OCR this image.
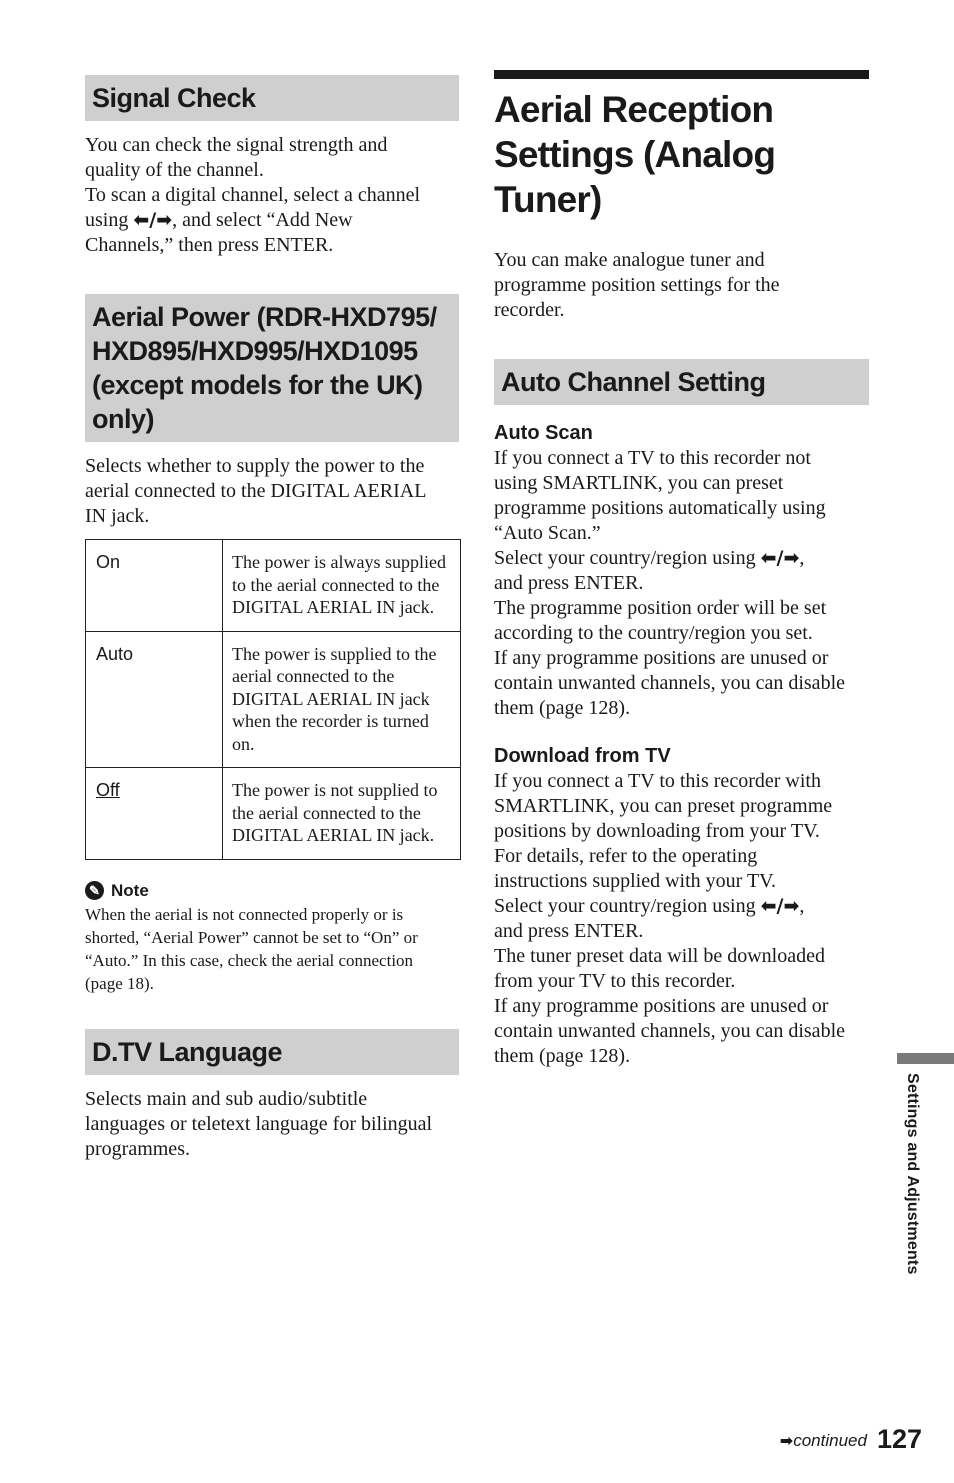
Signal Check

You can check the signal strength and

quality of the channel.

To scan a digital channel, select a channel

using ⬅/➡, and select “Add New

Channels,” then press ENTER.

Aerial Power (RDR-HXD795/
HXD895/HXD995/HXD1095
(except models for the UK)
only)

Selects whether to supply the power to the

aerial connected to the DIGITAL AERIAL

IN jack.

On	The power is always supplied
to the aerial connected to the
DIGITAL AERIAL IN jack.

Auto	The power is supplied to the
aerial connected to the
DIGITAL AERIAL IN jack
when the recorder is turned
on.

Off	The power is not supplied to
the aerial connected to the
DIGITAL AERIAL IN jack.
✎ Note
When the aerial is not connected properly or is
shorted, “Aerial Power” cannot be set to “On” or
“Auto.” In this case, check the aerial connection
(page 18).
D.TV Language

Selects main and sub audio/subtitle

languages or teletext language for bilingual

programmes.

Aerial Reception
Settings (Analog Tuner)

You can make analogue tuner and

programme position settings for the

recorder.

Auto Channel Setting
Auto Scan

If you connect a TV to this recorder not

using SMARTLINK, you can preset

programme positions automatically using

“Auto Scan.”

Select your country/region using ⬅/➡,

and press ENTER.

The programme position order will be set

according to the country/region you set.

If any programme positions are unused or

contain unwanted channels, you can disable

them (page 128).

Download from TV

If you connect a TV to this recorder with

SMARTLINK, you can preset programme

positions by downloading from your TV.

For details, refer to the operating

instructions supplied with your TV.

Select your country/region using ⬅/➡,

and press ENTER.

The tuner preset data will be downloaded

from your TV to this recorder.

If any programme positions are unused or

contain unwanted channels, you can disable

them (page 128).

Settings and Adjustments
➡continued 127
